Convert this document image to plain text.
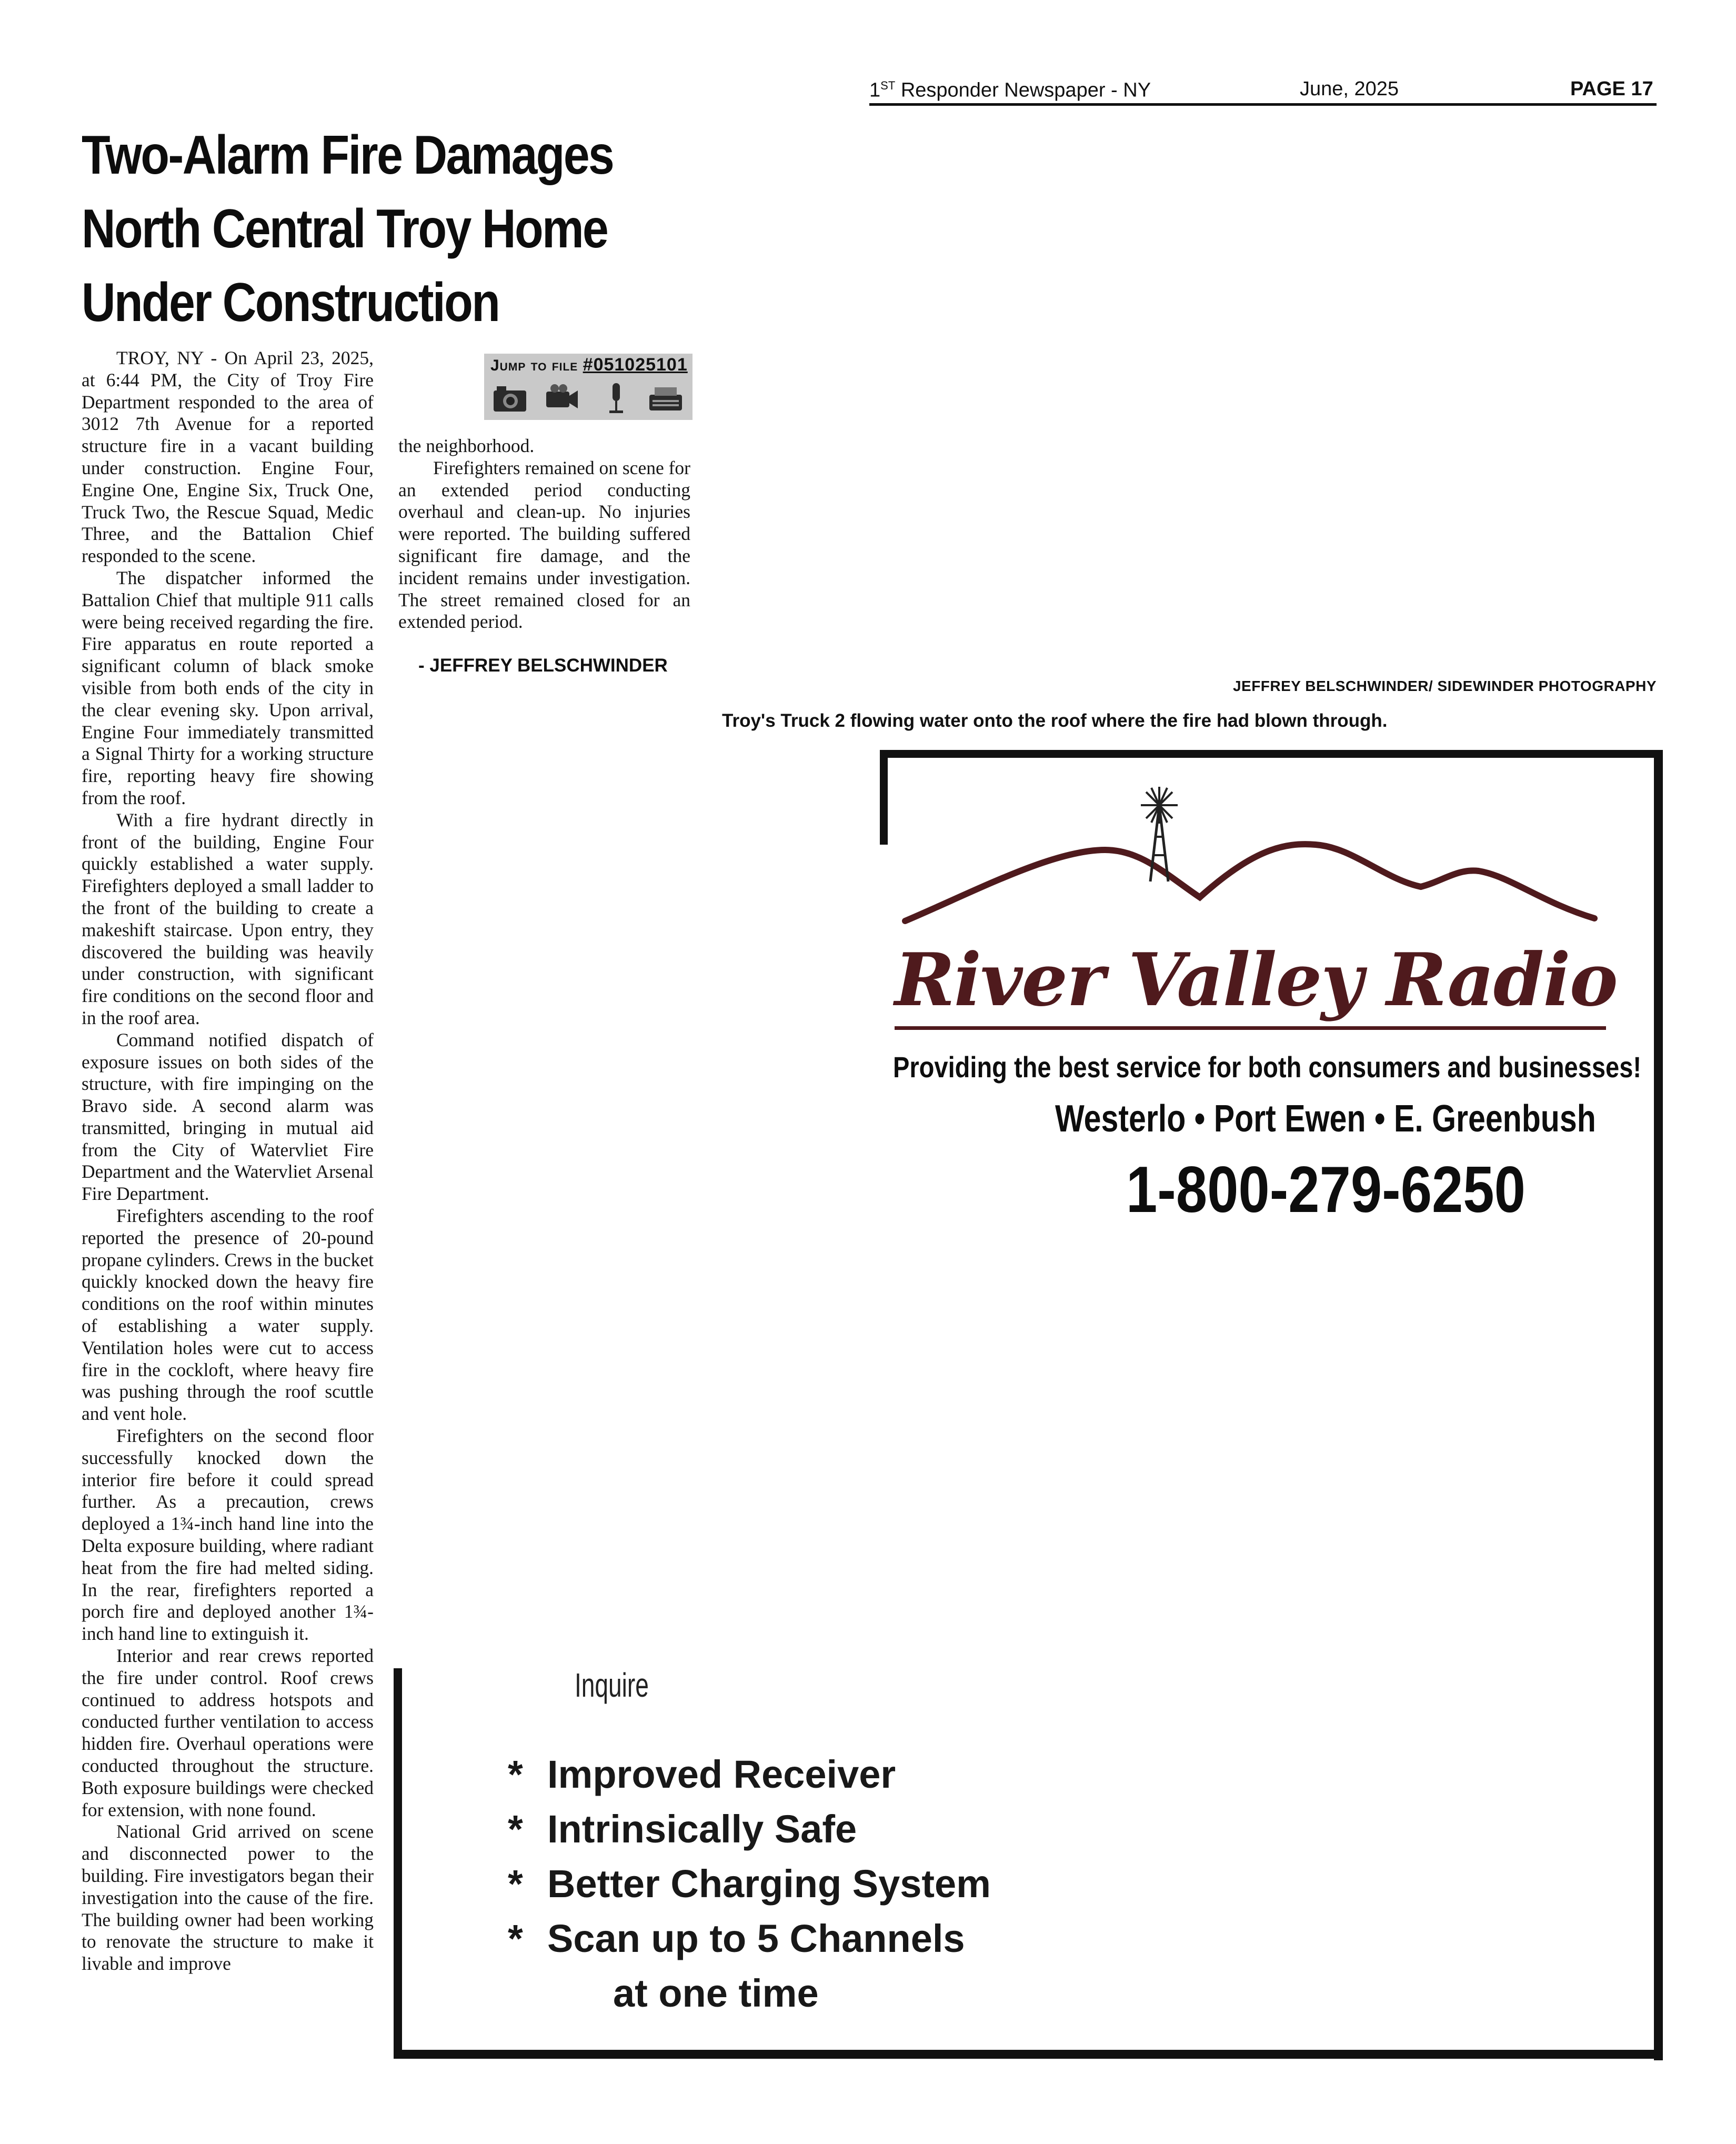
1ST Responder Newspaper - NY	June, 2025	PAGE 17
Two-Alarm Fire Damages
North Central Troy Home
Under Construction

TROY, NY - On April 23, 2025, at 6:44 PM, the City of Troy Fire Department responded to the area of 3012 7th Avenue for a reported structure fire in a vacant building under construction. Engine Four, Engine One, Engine Six, Truck One, Truck Two, the Rescue Squad, Medic Three, and the Battalion Chief responded to the scene.

The dispatcher informed the Battalion Chief that multiple 911 calls were being received regarding the fire. Fire apparatus en route reported a significant column of black smoke visible from both ends of the city in the clear evening sky. Upon arrival, Engine Four immediately transmitted a Signal Thirty for a working structure fire, reporting heavy fire showing from the roof.

With a fire hydrant directly in front of the building, Engine Four quickly established a water supply. Firefighters deployed a small ladder to the front of the building to create a makeshift staircase. Upon entry, they discovered the building was heavily under construction, with significant fire conditions on the second floor and in the roof area.

Command notified dispatch of exposure issues on both sides of the structure, with fire impinging on the Bravo side. A second alarm was transmitted, bringing in mutual aid from the City of Watervliet Fire Department and the Watervliet Arsenal Fire Department.

Firefighters ascending to the roof reported the presence of 20-pound propane cylinders. Crews in the bucket quickly knocked down the heavy fire conditions on the roof within minutes of establishing a water supply. Ventilation holes were cut to access fire in the cockloft, where heavy fire was pushing through the roof scuttle and vent hole.

Firefighters on the second floor successfully knocked down the interior fire before it could spread further. As a precaution, crews deployed a 1¾-inch hand line into the Delta exposure building, where radiant heat from the fire had melted siding. In the rear, firefighters reported a porch fire and deployed another 1¾-inch hand line to extinguish it.

Interior and rear crews reported the fire under control. Roof crews continued to address hotspots and conducted further ventilation to access hidden fire. Overhaul operations were conducted throughout the structure. Both exposure buildings were checked for extension, with none found.

National Grid arrived on scene and disconnected power to the building. Fire investigators began their investigation into the cause of the fire. The building owner had been working to renovate the structure to make it livable and improve

Jump to file #051025101

the neighborhood.

Firefighters remained on scene for an extended period conducting overhaul and clean-up. No injuries were reported. The building suffered significant fire damage, and the incident remains under investigation. The street remained closed for an extended period.

- JEFFREY BELSCHWINDER
JEFFREY BELSCHWINDER/ SIDEWINDER PHOTOGRAPHY
Troy's Truck 2 flowing water onto the roof where the fire had blown through.
River Valley Radio
Providing the best service for both consumers and businesses!
Westerlo • Port Ewen • E. Greenbush
1-800-279-6250
Inquire
* Improved Receiver
* Intrinsically Safe
* Better Charging System
* Scan up to 5 Channels
at one time
